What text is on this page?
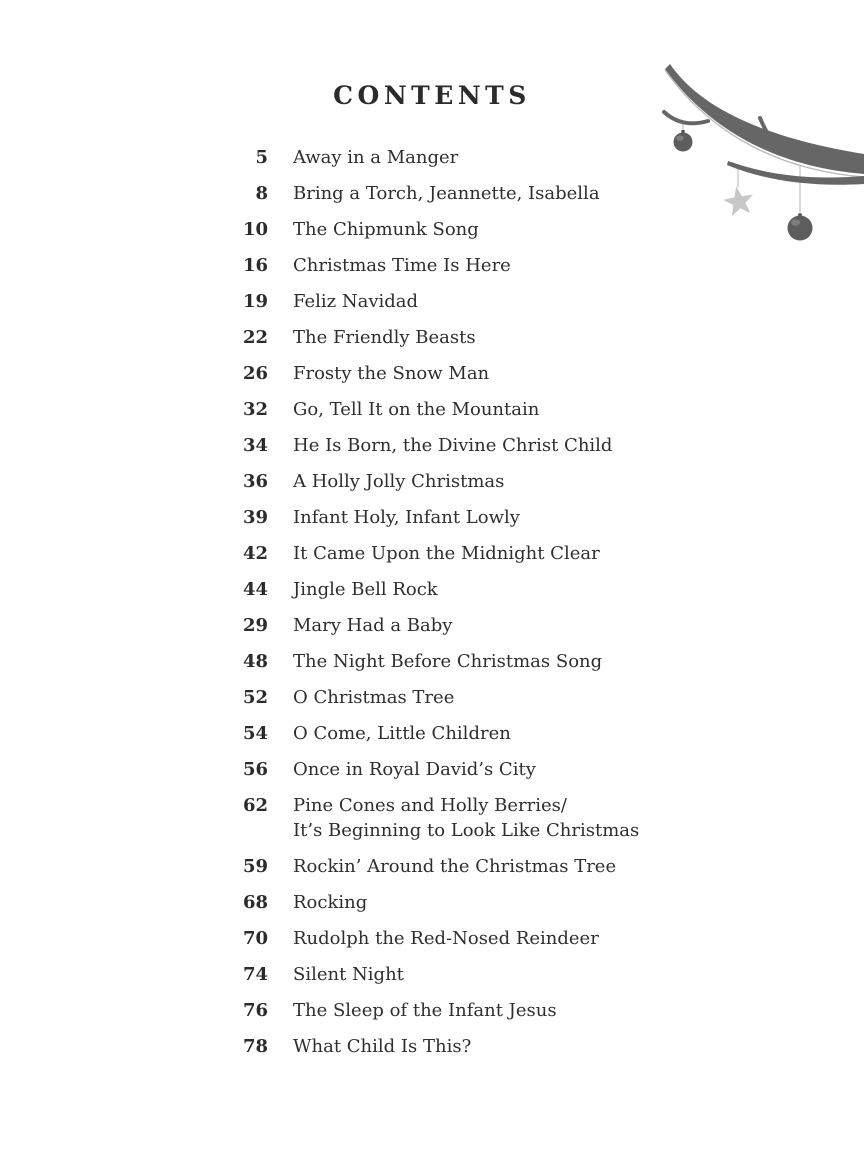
CONTENTS
5 Away in a Manger
8 Bring a Torch, Jeannette, Isabella
10 The Chipmunk Song
16 Christmas Time Is Here
19 Feliz Navidad
22 The Friendly Beasts
26 Frosty the Snow Man
32 Go, Tell It on the Mountain
34 He Is Born, the Divine Christ Child
36 A Holly Jolly Christmas
39 Infant Holy, Infant Lowly
42 It Came Upon the Midnight Clear
44 Jingle Bell Rock
29 Mary Had a Baby
48 The Night Before Christmas Song
52 O Christmas Tree
54 O Come, Little Children
56 Once in Royal David’s City
62 Pine Cones and Holly Berries/
It’s Beginning to Look Like Christmas
59 Rockin’ Around the Christmas Tree
68 Rocking
70 Rudolph the Red-Nosed Reindeer
74 Silent Night
76 The Sleep of the Infant Jesus
78 What Child Is This?
